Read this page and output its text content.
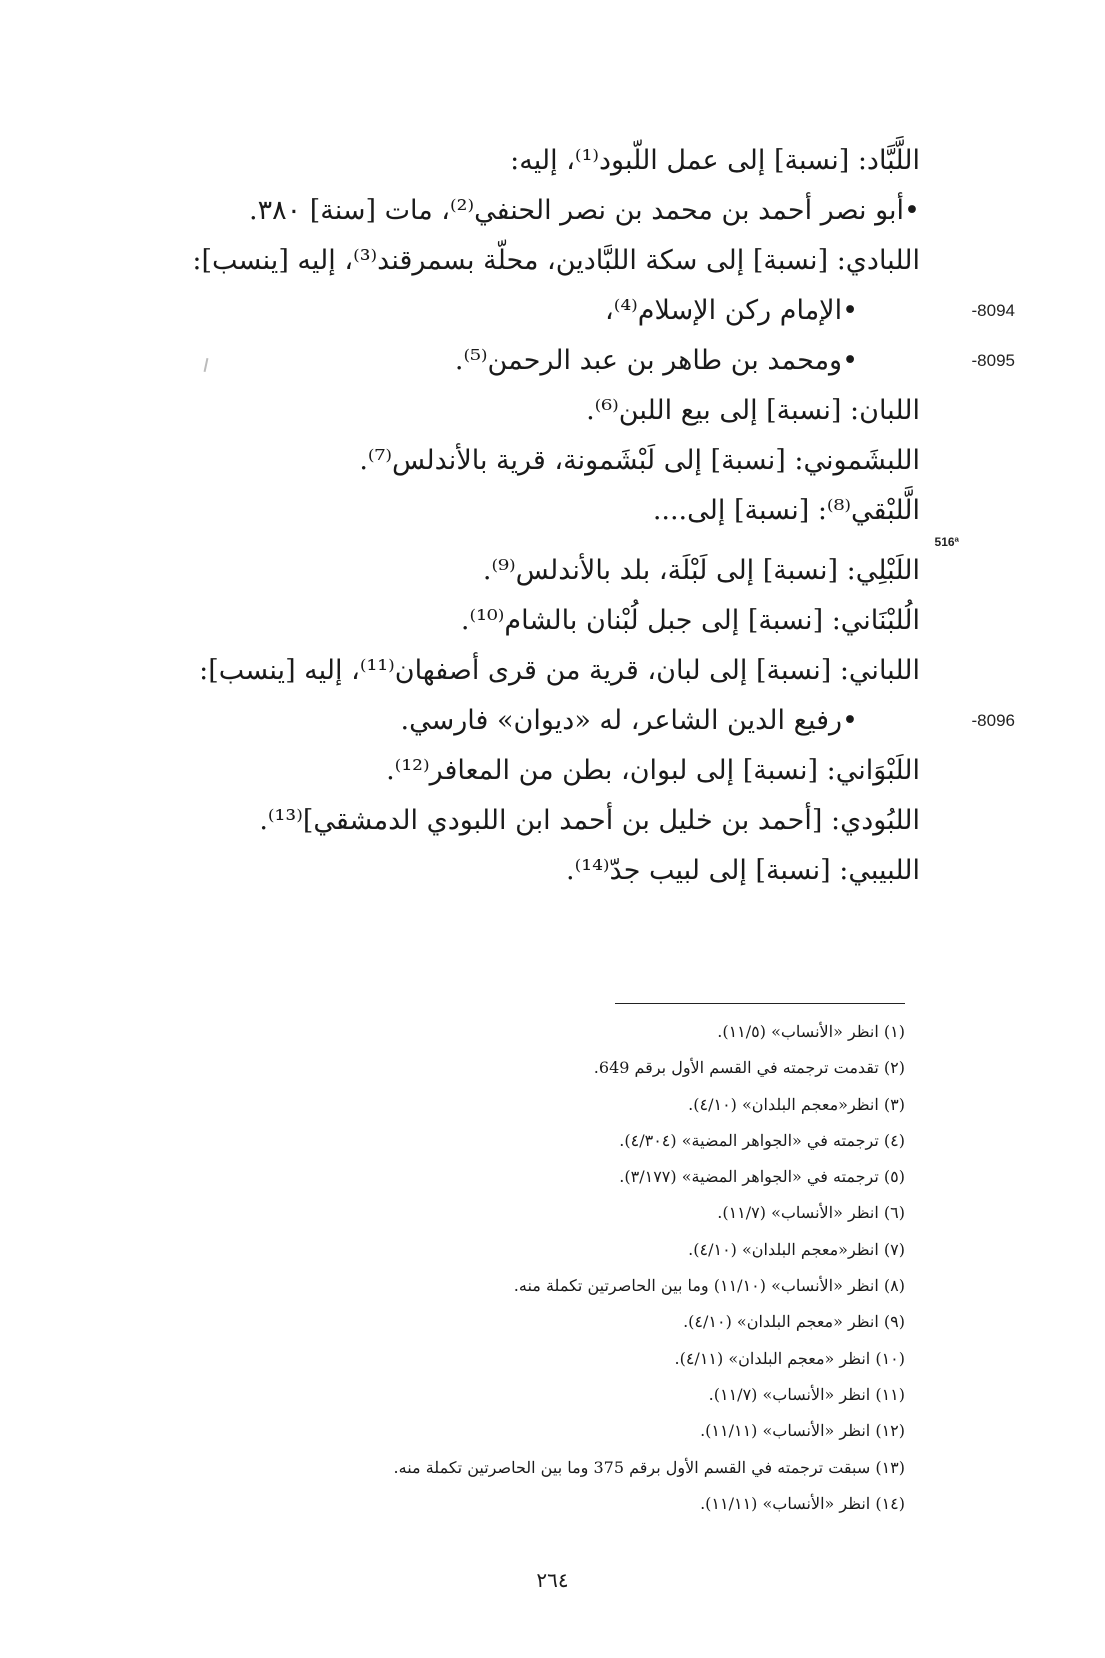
اللَّبَّاد: [نسبة] إلى عمل اللّبود⁽¹⁾، إليه:
•أبو نصر أحمد بن محمد بن نصر الحنفي⁽²⁾، مات [سنة] ٣٨٠.
اللبادي: [نسبة] إلى سكة اللبَّادين، محلّة بسمرقند⁽³⁾، إليه [ينسب]:
-8094
•الإمام ركن الإسلام⁽⁴⁾،
-8095
•ومحمد بن طاهر بن عبد الرحمن⁽⁵⁾.
اللبان: [نسبة] إلى بيع اللبن⁽⁶⁾.
اللبشَموني: [نسبة] إلى لَبْشَمونة، قرية بالأندلس⁽⁷⁾.
الَّلبْقي⁽⁸⁾: [نسبة] إلى....
اللَبْلِي: [نسبة] إلى لَبْلَة، بلد بالأندلس⁽⁹⁾.
الُلبْنَاني: [نسبة] إلى جبل لُبْنان بالشام⁽¹⁰⁾.
اللباني: [نسبة] إلى لبان، قرية من قرى أصفهان⁽¹¹⁾، إليه [ينسب]:
-8096
•رفيع الدين الشاعر، له «ديوان» فارسي.
اللَبْوَاني: [نسبة] إلى لبوان، بطن من المعافر⁽¹²⁾.
اللبُودي: [أحمد بن خليل بن أحمد ابن اللبودي الدمشقي]⁽¹³⁾.
اللبيبي: [نسبة] إلى لبيب جدّ⁽¹⁴⁾.
516ª
(١) انظر «الأنساب» (١١/٥).
(٢) تقدمت ترجمته في القسم الأول برقم 649.
(٣) انظر«معجم البلدان» (٤/١٠).
(٤) ترجمته في «الجواهر المضية» (٤/٣٠٤).
(٥) ترجمته في «الجواهر المضية» (٣/١٧٧).
(٦) انظر «الأنساب» (١١/٧).
(٧) انظر«معجم البلدان» (٤/١٠).
(٨) انظر «الأنساب» (١١/١٠) وما بين الحاصرتين تكملة منه.
(٩) انظر «معجم البلدان» (٤/١٠).
(١٠) انظر «معجم البلدان» (٤/١١).
(١١) انظر «الأنساب» (١١/٧).
(١٢) انظر «الأنساب» (١١/١١).
(١٣) سبقت ترجمته في القسم الأول برقم 375 وما بين الحاصرتين تكملة منه.
(١٤) انظر «الأنساب» (١١/١١).
٢٦٤
